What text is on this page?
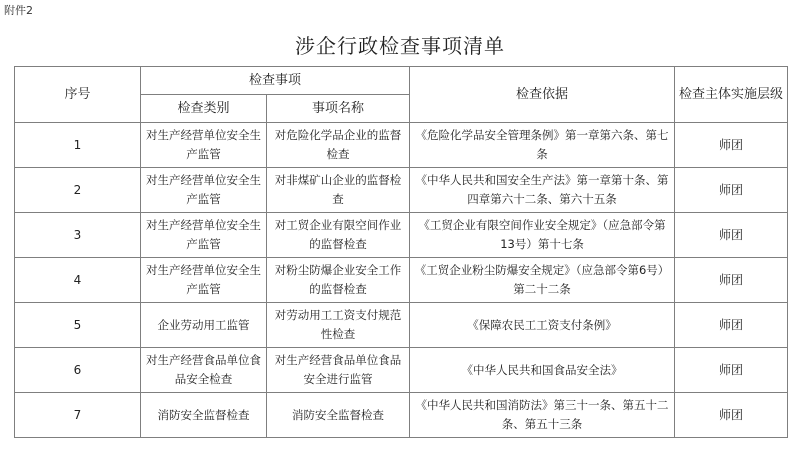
附件2
涉企行政检查事项清单
序号	检查事项		检查依据	检查主体实施层级
	检查类别	事项名称		
1	对生产经营单位安全生产监管	对危险化学品企业的监督检查	《危险化学品安全管理条例》第一章第六条、第七条	师团
2	对生产经营单位安全生产监管	对非煤矿山企业的监督检查	《中华人民共和国安全生产法》第一章第十条、第四章第六十二条、第六十五条	师团
3	对生产经营单位安全生产监管	对工贸企业有限空间作业的监督检查	《工贸企业有限空间作业安全规定》（应急部令第13号）第十七条	师团
4	对生产经营单位安全生产监管	对粉尘防爆企业安全工作的监督检查	《工贸企业粉尘防爆安全规定》（应急部令第6号）第二十二条	师团
5	企业劳动用工监管	对劳动用工工资支付规范性检查	《保障农民工工资支付条例》	师团
6	对生产经营食品单位食品安全检查	对生产经营食品单位食品安全进行监管	《中华人民共和国食品安全法》	师团
7	消防安全监督检查	消防安全监督检查	《中华人民共和国消防法》第三十一条、第五十二条、第五十三条	师团
